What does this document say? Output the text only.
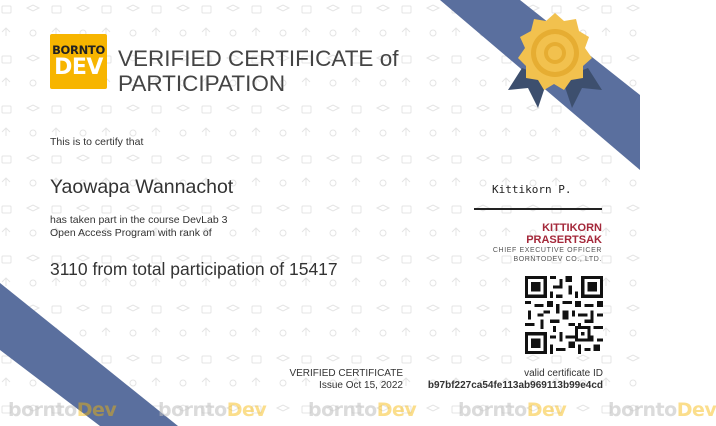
BORNTO
DEV VERIFIED CERTIFICATE of
PARTICIPATION
This is to certify that
Yaowapa Wannachot
has taken part in the course DevLab 3
Open Access Program with rank of
3110 from total participation of 15417
Kittikorn P.
KITTIKORN
PRASERTSAK
CHIEF EXECUTIVE OFFICER
BORNTODEV CO., LTD.
VERIFIED CERTIFICATE
Issue Oct 15, 2022
valid certificate ID
b97bf227ca54fe113ab969113b99e4cd
borntoDev borntoDev borntoDev borntoDev borntoDev
